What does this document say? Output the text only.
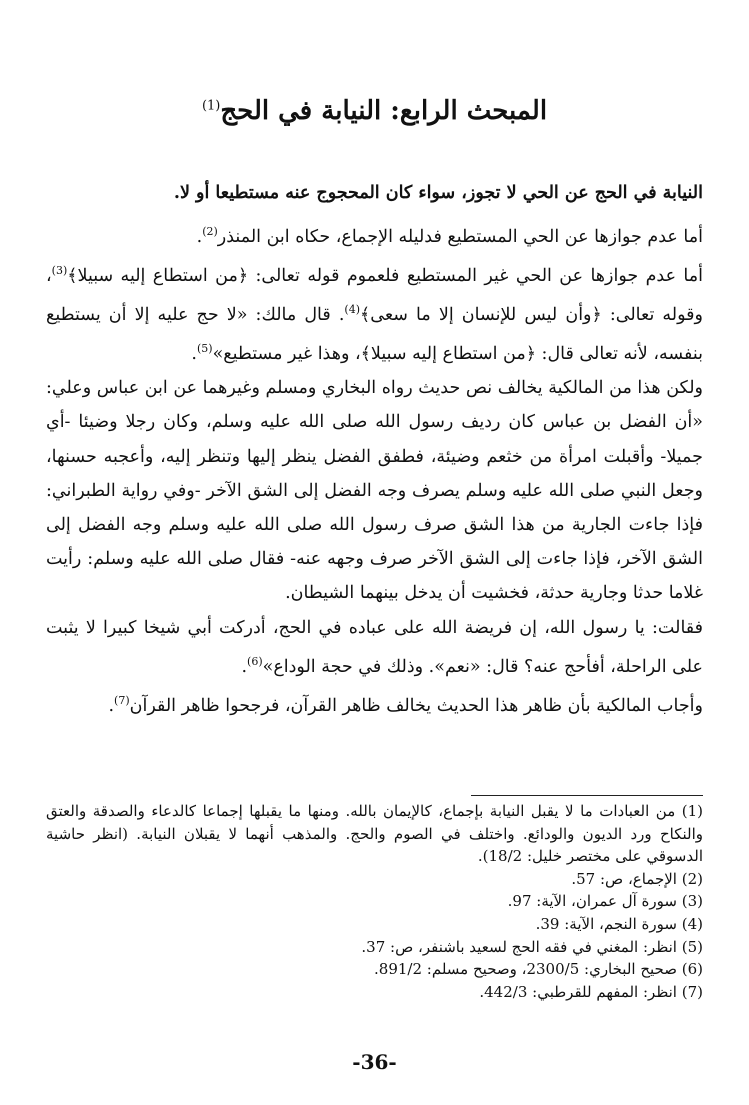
المبحث الرابع: النيابة في الحج$^{(1)}$

النيابة في الحج عن الحي لا تجوز، سواء كان المحجوج عنه مستطيعا أو لا.

أما عدم جوازها عن الحي المستطيع فدليله الإجماع، حكاه ابن المنذر$^{(2)}$.

أما عدم جوازها عن الحي غير المستطيع فلعموم قوله تعالى: ﴿من استطاع إليه سبيلا﴾$^{(3)}$، وقوله تعالى: ﴿وأن ليس للإنسان إلا ما سعى﴾$^{(4)}$. قال مالك: «لا حج عليه إلا أن يستطيع بنفسه، لأنه تعالى قال: ﴿من استطاع إليه سبيلا﴾، وهذا غير مستطيع»$^{(5)}$.

ولكن هذا من المالكية يخالف نص حديث رواه البخاري ومسلم وغيرهما عن ابن عباس وعلي: «أن الفضل بن عباس كان رديف رسول الله صلى الله عليه وسلم، وكان رجلا وضيئا -أي جميلا- وأقبلت امرأة من خثعم وضيئة، فطفق الفضل ينظر إليها وتنظر إليه، وأعجبه حسنها، وجعل النبي صلى الله عليه وسلم يصرف وجه الفضل إلى الشق الآخر -وفي رواية الطبراني: فإذا جاءت الجارية من هذا الشق صرف رسول الله صلى الله عليه وسلم وجه الفضل إلى الشق الآخر، فإذا جاءت إلى الشق الآخر صرف وجهه عنه- فقال صلى الله عليه وسلم: رأيت غلاما حدثا وجارية حدثة، فخشيت أن يدخل بينهما الشيطان.

فقالت: يا رسول الله، إن فريضة الله على عباده في الحج، أدركت أبي شيخا كبيرا لا يثبت على الراحلة، أفأحج عنه؟ قال: «نعم». وذلك في حجة الوداع»$^{(6)}$.

وأجاب المالكية بأن ظاهر هذا الحديث يخالف ظاهر القرآن، فرجحوا ظاهر القرآن$^{(7)}$.

(1) من العبادات ما لا يقبل النيابة بإجماع، كالإيمان بالله. ومنها ما يقبلها إجماعا كالدعاء والصدقة والعتق والنكاح ورد الديون والودائع. واختلف في الصوم والحج. والمذهب أنهما لا يقبلان النيابة. (انظر حاشية الدسوقي على مختصر خليل: 18/2).

(2) الإجماع، ص: 57.

(3) سورة آل عمران، الآية: 97.

(4) سورة النجم، الآية: 39.

(5) انظر: المغني في فقه الحج لسعيد باشنفر، ص: 37.

(6) صحيح البخاري: 2300/5، وصحيح مسلم: 891/2.

(7) انظر: المفهم للقرطبي: 442/3.

-36-
